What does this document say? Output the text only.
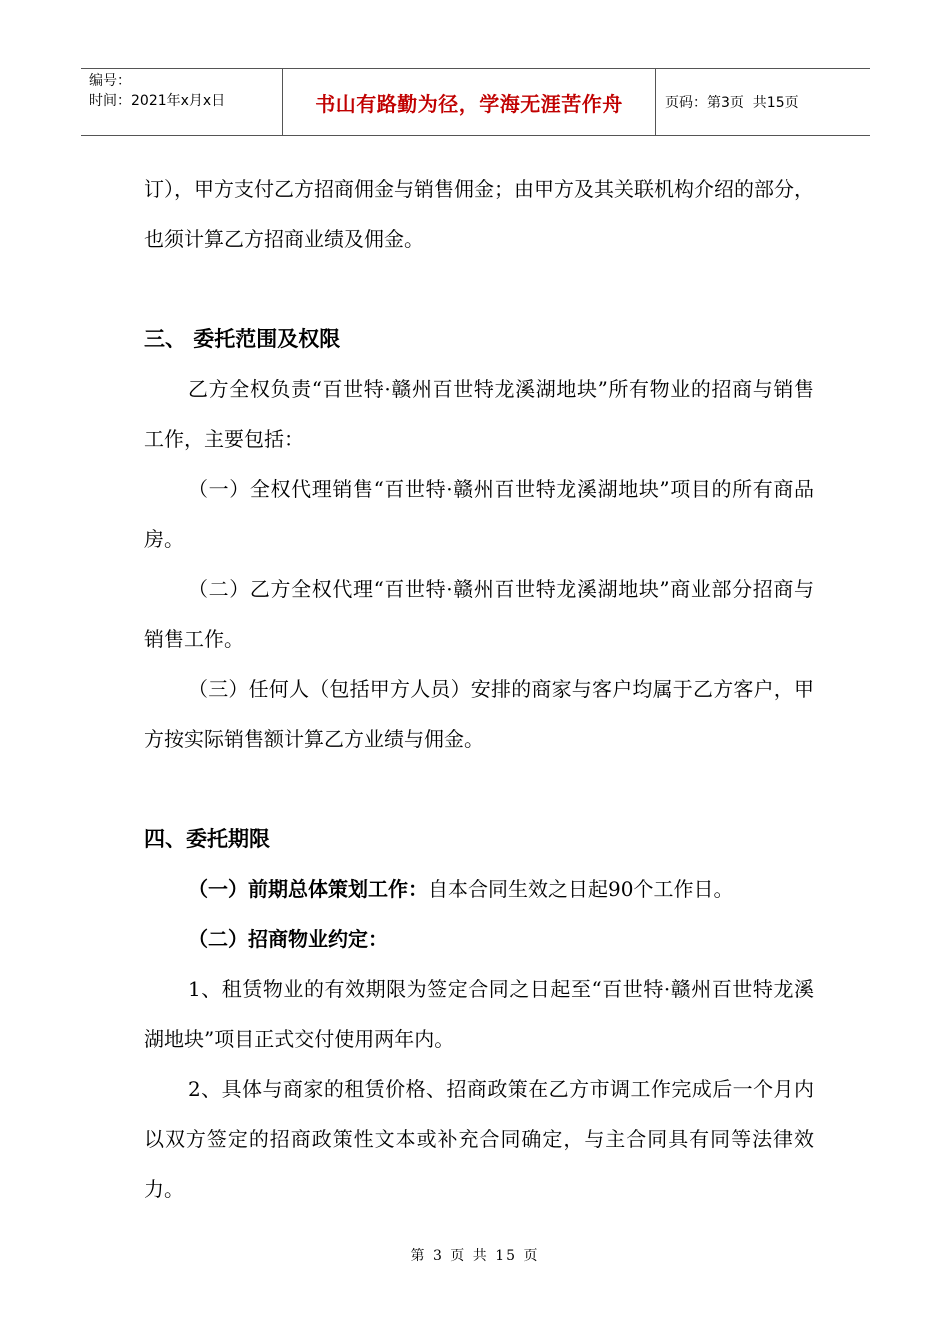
编号：
时间：2021年x月x日	书山有路勤为径，学海无涯苦作舟	页码：第3页  共15页

订），甲方支付乙方招商佣金与销售佣金；由甲方及其关联机构介绍的部分，也须计算乙方招商业绩及佣金。

三、 委托范围及权限

乙方全权负责“百世特·赣州百世特龙溪湖地块”所有物业的招商与销售工作，主要包括：

（一）全权代理销售“百世特·赣州百世特龙溪湖地块”项目的所有商品房。

（二）乙方全权代理“百世特·赣州百世特龙溪湖地块”商业部分招商与销售工作。

（三）任何人（包括甲方人员）安排的商家与客户均属于乙方客户，甲方按实际销售额计算乙方业绩与佣金。

四、委托期限

（一）前期总体策划工作：自本合同生效之日起90个工作日。

（二）招商物业约定：

1、租赁物业的有效期限为签定合同之日起至“百世特·赣州百世特龙溪湖地块”项目正式交付使用两年内。

2、具体与商家的租赁价格、招商政策在乙方市调工作完成后一个月内以双方签定的招商政策性文本或补充合同确定，与主合同具有同等法律效力。

第 3 页 共 15 页
